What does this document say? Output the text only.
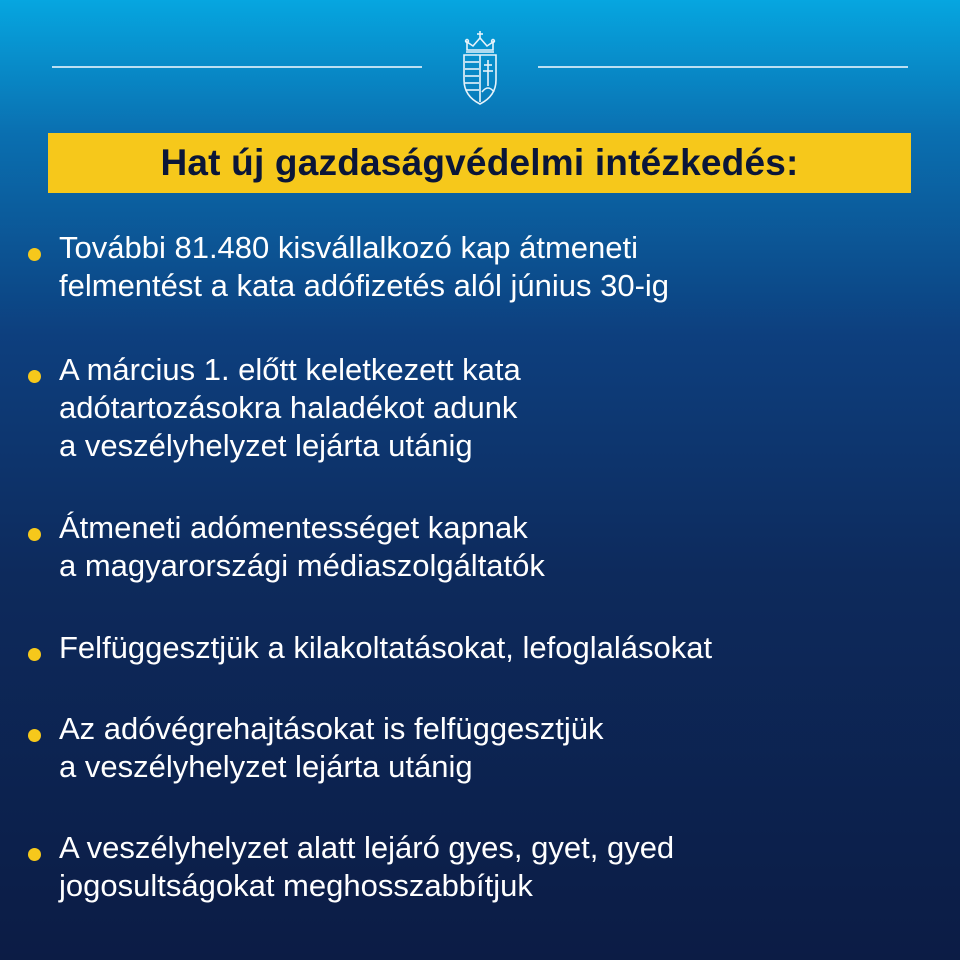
Hat új gazdaságvédelmi intézkedés:
További 81.480 kisvállalkozó kap átmeneti
felmentést a kata adófizetés alól június 30-ig
A március 1. előtt keletkezett kata
adótartozásokra haladékot adunk
a veszélyhelyzet lejárta utánig
Átmeneti adómentességet kapnak
a magyarországi médiaszolgáltatók
Felfüggesztjük a kilakoltatásokat, lefoglalásokat
Az adóvégrehajtásokat is felfüggesztjük
a veszélyhelyzet lejárta utánig
A veszélyhelyzet alatt lejáró gyes, gyet, gyed
jogosultságokat meghosszabbítjuk
